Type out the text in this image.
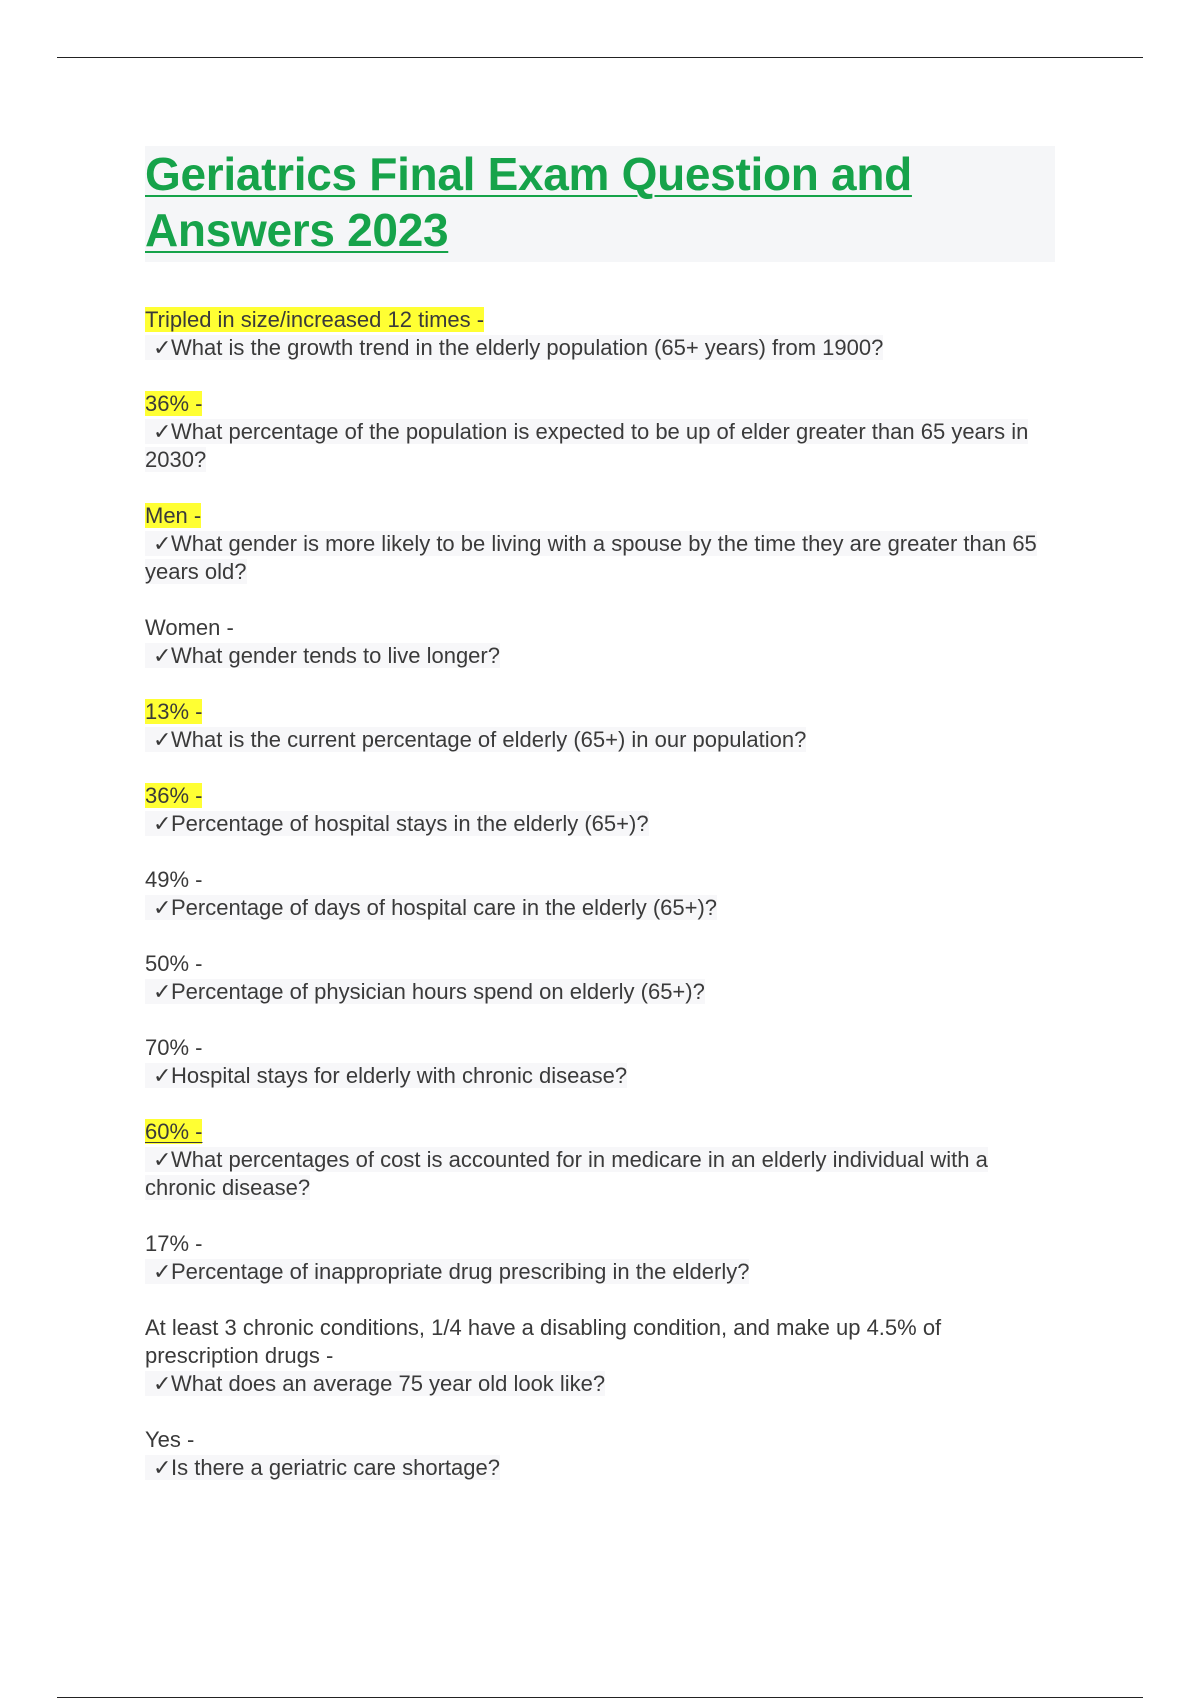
Geriatrics Final Exam Question and Answers 2023
Tripled in size/increased 12 times -
✓What is the growth trend in the elderly population (65+ years) from 1900?
36% -
✓What percentage of the population is expected to be up of elder greater than 65 years in 2030?
Men -
✓What gender is more likely to be living with a spouse by the time they are greater than 65 years old?
Women -
✓What gender tends to live longer?
13% -
✓What is the current percentage of elderly (65+) in our population?
36% -
✓Percentage of hospital stays in the elderly (65+)?
49% -
✓Percentage of days of hospital care in the elderly (65+)?
50% -
✓Percentage of physician hours spend on elderly (65+)?
70% -
✓Hospital stays for elderly with chronic disease?
60% -
✓What percentages of cost is accounted for in medicare in an elderly individual with a chronic disease?
17% -
✓Percentage of inappropriate drug prescribing in the elderly?
At least 3 chronic conditions, 1/4 have a disabling condition, and make up 4.5% of prescription drugs -
✓What does an average 75 year old look like?
Yes -
✓Is there a geriatric care shortage?
